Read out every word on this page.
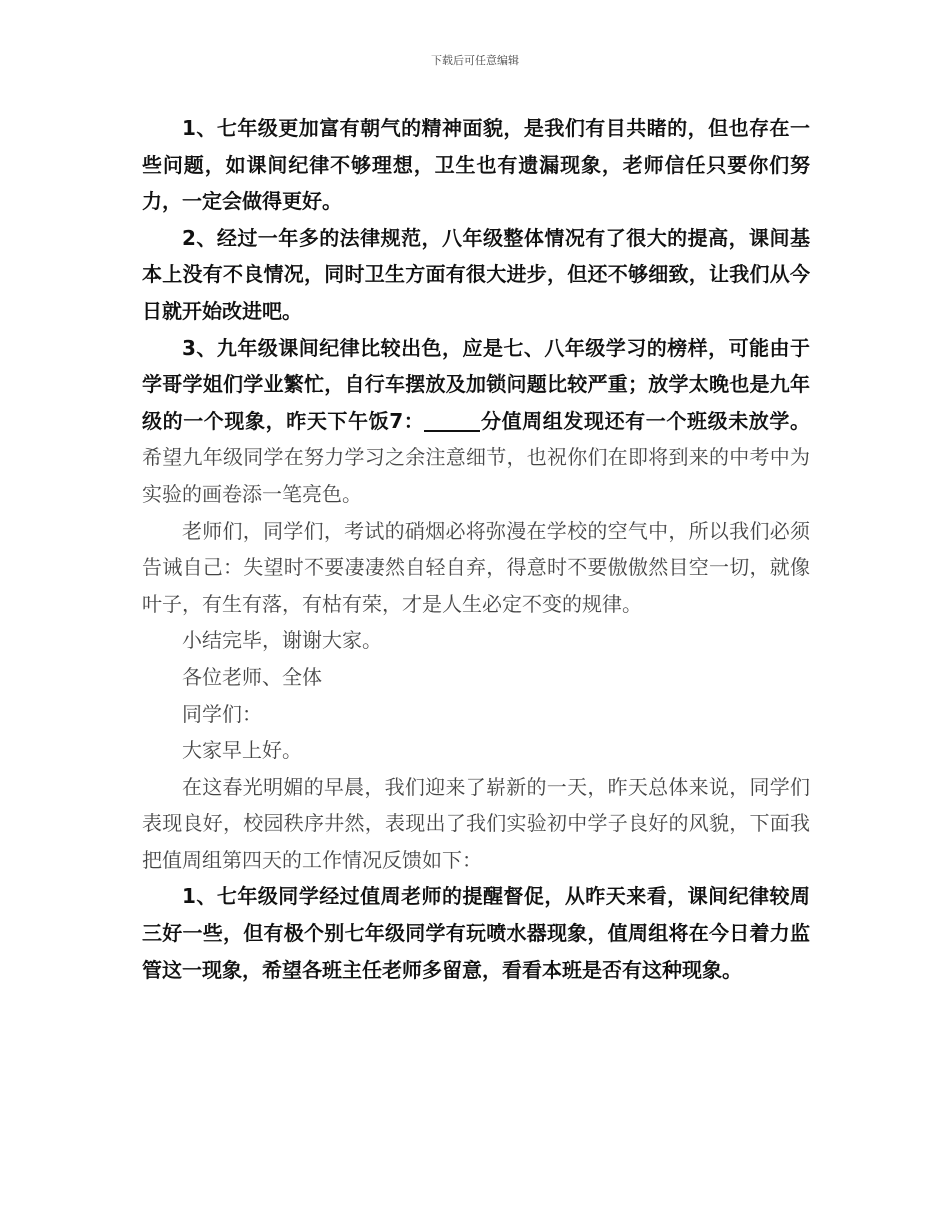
下载后可任意编辑

1、七年级更加富有朝气的精神面貌，是我们有目共睹的，但也存在一些问题，如课间纪律不够理想，卫生也有遗漏现象，老师信任只要你们努力，一定会做得更好。

2、经过一年多的法律规范，八年级整体情况有了很大的提高，课间基本上没有不良情况，同时卫生方面有很大进步，但还不够细致，让我们从今日就开始改进吧。

3、九年级课间纪律比较出色，应是七、八年级学习的榜样，可能由于学哥学姐们学业繁忙，自行车摆放及加锁问题比较严重；放学太晚也是九年级的一个现象，昨天下午饭7：	分值周组发现还有一个班级未放学。希望九年级同学在努力学习之余注意细节，也祝你们在即将到来的中考中为实验的画卷添一笔亮色。

老师们，同学们，考试的硝烟必将弥漫在学校的空气中，所以我们必须告诫自己：失望时不要凄凄然自轻自弃，得意时不要傲傲然目空一切，就像叶子，有生有落，有枯有荣，才是人生必定不变的规律。

小结完毕，谢谢大家。

各位老师、全体

同学们：

大家早上好。

在这春光明媚的早晨，我们迎来了崭新的一天，昨天总体来说，同学们表现良好，校园秩序井然，表现出了我们实验初中学子良好的风貌，下面我把值周组第四天的工作情况反馈如下：

1、七年级同学经过值周老师的提醒督促，从昨天来看，课间纪律较周三好一些，但有极个别七年级同学有玩喷水器现象，值周组将在今日着力监管这一现象，希望各班主任老师多留意，看看本班是否有这种现象。
